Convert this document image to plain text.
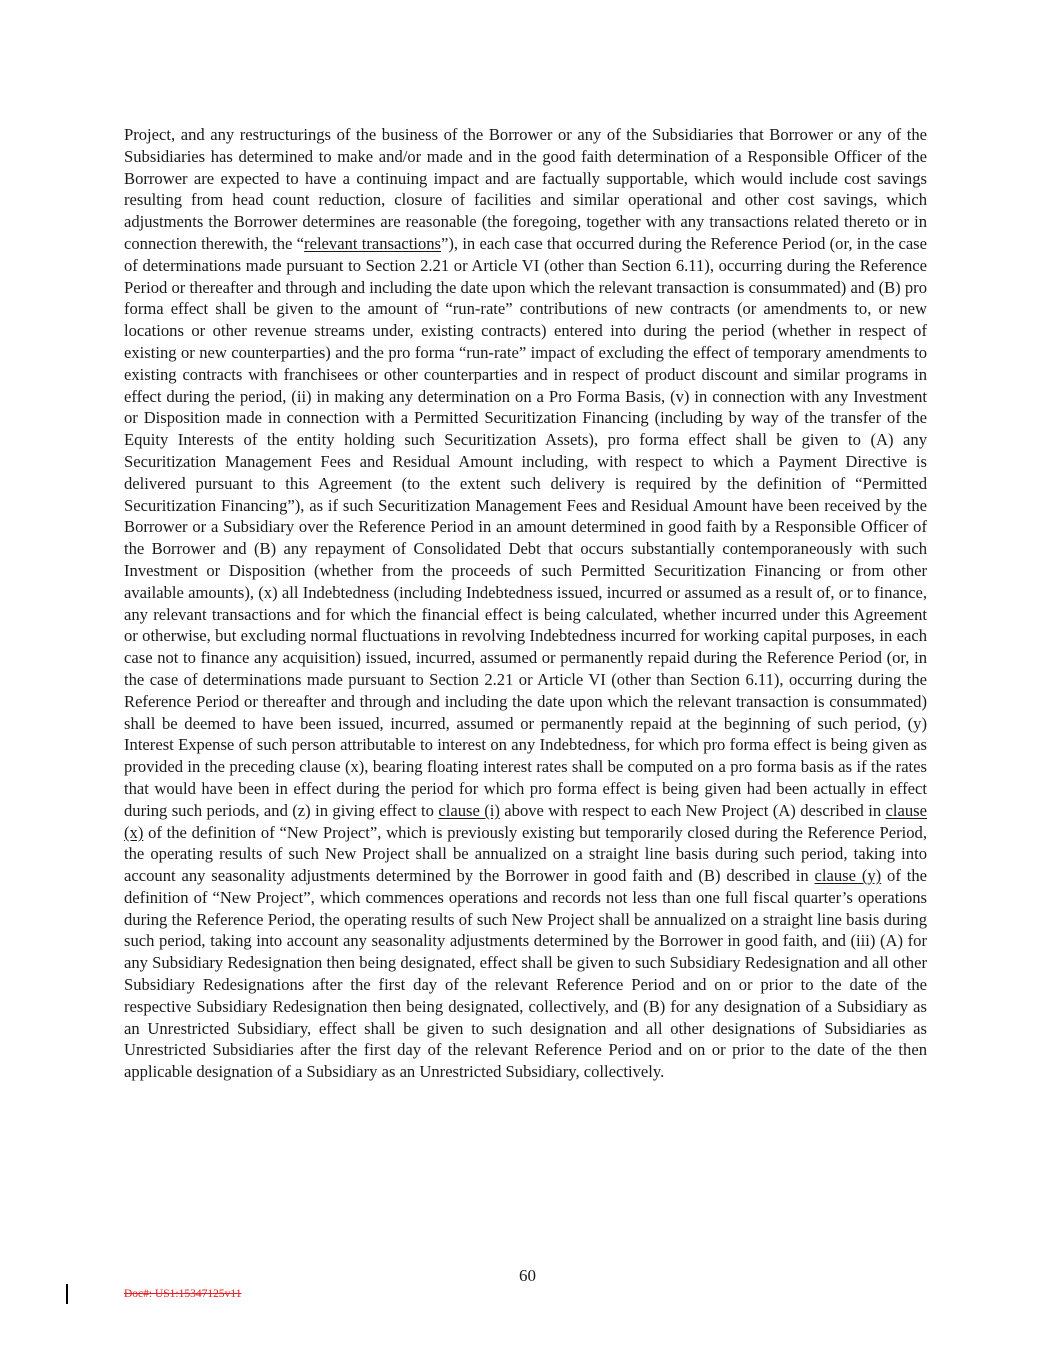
Project, and any restructurings of the business of the Borrower or any of the Subsidiaries that Borrower or any of the Subsidiaries has determined to make and/or made and in the good faith determination of a Responsible Officer of the Borrower are expected to have a continuing impact and are factually supportable, which would include cost savings resulting from head count reduction, closure of facilities and similar operational and other cost savings, which adjustments the Borrower determines are reasonable (the foregoing, together with any transactions related thereto or in connection therewith, the “relevant transactions”), in each case that occurred during the Reference Period (or, in the case of determinations made pursuant to Section 2.21 or Article VI (other than Section 6.11), occurring during the Reference Period or thereafter and through and including the date upon which the relevant transaction is consummated) and (B) pro forma effect shall be given to the amount of “run-rate” contributions of new contracts (or amendments to, or new locations or other revenue streams under, existing contracts) entered into during the period (whether in respect of existing or new counterparties) and the pro forma “run-rate” impact of excluding the effect of temporary amendments to existing contracts with franchisees or other counterparties and in respect of product discount and similar programs in effect during the period, (ii) in making any determination on a Pro Forma Basis, (v) in connection with any Investment or Disposition made in connection with a Permitted Securitization Financing (including by way of the transfer of the Equity Interests of the entity holding such Securitization Assets), pro forma effect shall be given to (A) any Securitization Management Fees and Residual Amount including, with respect to which a Payment Directive is delivered pursuant to this Agreement (to the extent such delivery is required by the definition of “Permitted Securitization Financing”), as if such Securitization Management Fees and Residual Amount have been received by the Borrower or a Subsidiary over the Reference Period in an amount determined in good faith by a Responsible Officer of the Borrower and (B) any repayment of Consolidated Debt that occurs substantially contemporaneously with such Investment or Disposition (whether from the proceeds of such Permitted Securitization Financing or from other available amounts), (x) all Indebtedness (including Indebtedness issued, incurred or assumed as a result of, or to finance, any relevant transactions and for which the financial effect is being calculated, whether incurred under this Agreement or otherwise, but excluding normal fluctuations in revolving Indebtedness incurred for working capital purposes, in each case not to finance any acquisition) issued, incurred, assumed or permanently repaid during the Reference Period (or, in the case of determinations made pursuant to Section 2.21 or Article VI (other than Section 6.11), occurring during the Reference Period or thereafter and through and including the date upon which the relevant transaction is consummated) shall be deemed to have been issued, incurred, assumed or permanently repaid at the beginning of such period, (y) Interest Expense of such person attributable to interest on any Indebtedness, for which pro forma effect is being given as provided in the preceding clause (x), bearing floating interest rates shall be computed on a pro forma basis as if the rates that would have been in effect during the period for which pro forma effect is being given had been actually in effect during such periods, and (z) in giving effect to clause (i) above with respect to each New Project (A) described in clause (x) of the definition of “New Project”, which is previously existing but temporarily closed during the Reference Period, the operating results of such New Project shall be annualized on a straight line basis during such period, taking into account any seasonality adjustments determined by the Borrower in good faith and (B) described in clause (y) of the definition of “New Project”, which commences operations and records not less than one full fiscal quarter’s operations during the Reference Period, the operating results of such New Project shall be annualized on a straight line basis during such period, taking into account any seasonality adjustments determined by the Borrower in good faith, and (iii) (A) for any Subsidiary Redesignation then being designated, effect shall be given to such Subsidiary Redesignation and all other Subsidiary Redesignations after the first day of the relevant Reference Period and on or prior to the date of the respective Subsidiary Redesignation then being designated, collectively, and (B) for any designation of a Subsidiary as an Unrestricted Subsidiary, effect shall be given to such designation and all other designations of Subsidiaries as Unrestricted Subsidiaries after the first day of the relevant Reference Period and on or prior to the date of the then applicable designation of a Subsidiary as an Unrestricted Subsidiary, collectively.

60
Doc#: US1:15347125v11
